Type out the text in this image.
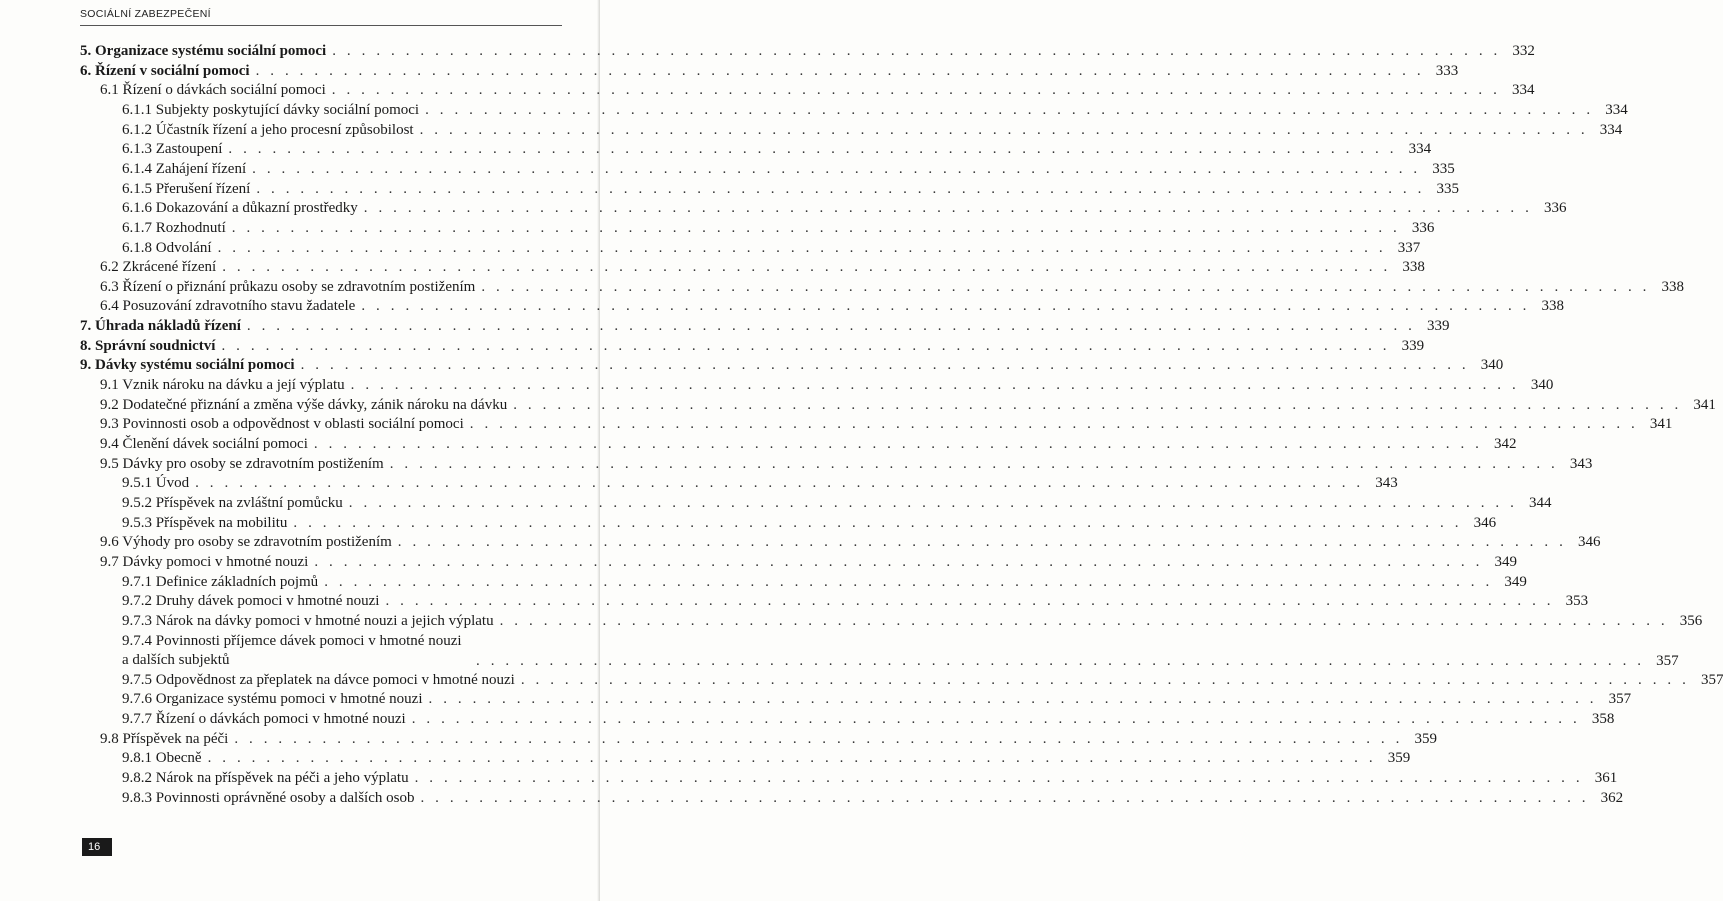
SOCIÁLNÍ ZABEZPEČENÍ
5. Organizace systému sociální pomoci . . . . . . . . . . . . . . . . . . . . . . . . . . . . . . . . . . . . . . . . . . . . . . . . . . . . . . . . . . . . . . . . . . . . . . . . . . . . . . . . 332
6. Řízení v sociální pomoci . . . . . . . . . . . . . . . . . . . . . . . . . . . . . . . . . . . . . . . . . . . . . . . . . . . . . . . . . . . . . . . . . . . . . . . . . . . . . . . . 333
6.1 Řízení o dávkách sociální pomoci . . . . . . . . . . . . . . . . . . . . . . . . . . . . . . . . . . . . . . . . . . . . . . . . . . . . . . . . . . . . . . . . . . . . . . . . . . . . . . . . 334
6.1.1 Subjekty poskytující dávky sociální pomoci . . . . . . . . . . . . . . . . . . . . . . . . . . . . . . . . . . . . . . . . . . . . . . . . . . . . . . . . . . . . . . . . . . . . . . . . . . . . . . . . 334
6.1.2 Účastník řízení a jeho procesní způsobilost . . . . . . . . . . . . . . . . . . . . . . . . . . . . . . . . . . . . . . . . . . . . . . . . . . . . . . . . . . . . . . . . . . . . . . . . . . . . . . . . 334
6.1.3 Zastoupení . . . . . . . . . . . . . . . . . . . . . . . . . . . . . . . . . . . . . . . . . . . . . . . . . . . . . . . . . . . . . . . . . . . . . . . . . . . . . . . . 334
6.1.4 Zahájení řízení . . . . . . . . . . . . . . . . . . . . . . . . . . . . . . . . . . . . . . . . . . . . . . . . . . . . . . . . . . . . . . . . . . . . . . . . . . . . . . . . 335
6.1.5 Přerušení řízení . . . . . . . . . . . . . . . . . . . . . . . . . . . . . . . . . . . . . . . . . . . . . . . . . . . . . . . . . . . . . . . . . . . . . . . . . . . . . . . . 335
6.1.6 Dokazování a důkazní prostředky . . . . . . . . . . . . . . . . . . . . . . . . . . . . . . . . . . . . . . . . . . . . . . . . . . . . . . . . . . . . . . . . . . . . . . . . . . . . . . . . 336
6.1.7 Rozhodnutí . . . . . . . . . . . . . . . . . . . . . . . . . . . . . . . . . . . . . . . . . . . . . . . . . . . . . . . . . . . . . . . . . . . . . . . . . . . . . . . . 336
6.1.8 Odvolání . . . . . . . . . . . . . . . . . . . . . . . . . . . . . . . . . . . . . . . . . . . . . . . . . . . . . . . . . . . . . . . . . . . . . . . . . . . . . . . . 337
6.2 Zkrácené řízení . . . . . . . . . . . . . . . . . . . . . . . . . . . . . . . . . . . . . . . . . . . . . . . . . . . . . . . . . . . . . . . . . . . . . . . . . . . . . . . . 338
6.3 Řízení o přiznání průkazu osoby se zdravotním postižením . . . . . . . . . . . . . . . . . . . . . . . . . . . . . . . . . . . . . . . . . . . . . . . . . . . . . . . . . . . . . . . . . . . . . . . . . . . . . . . . 338
6.4 Posuzování zdravotního stavu žadatele . . . . . . . . . . . . . . . . . . . . . . . . . . . . . . . . . . . . . . . . . . . . . . . . . . . . . . . . . . . . . . . . . . . . . . . . . . . . . . . . 338
7. Úhrada nákladů řízení . . . . . . . . . . . . . . . . . . . . . . . . . . . . . . . . . . . . . . . . . . . . . . . . . . . . . . . . . . . . . . . . . . . . . . . . . . . . . . . . 339
8. Správní soudnictví . . . . . . . . . . . . . . . . . . . . . . . . . . . . . . . . . . . . . . . . . . . . . . . . . . . . . . . . . . . . . . . . . . . . . . . . . . . . . . . . 339
9. Dávky systému sociální pomoci . . . . . . . . . . . . . . . . . . . . . . . . . . . . . . . . . . . . . . . . . . . . . . . . . . . . . . . . . . . . . . . . . . . . . . . . . . . . . . . . 340
9.1 Vznik nároku na dávku a její výplatu . . . . . . . . . . . . . . . . . . . . . . . . . . . . . . . . . . . . . . . . . . . . . . . . . . . . . . . . . . . . . . . . . . . . . . . . . . . . . . . . 340
9.2 Dodatečné přiznání a změna výše dávky, zánik nároku na dávku . . . . . . . . . . . . . . . . . . . . . . . . . . . . . . . . . . . . . . . . . . . . . . . . . . . . . . . . . . . . . . . . . . . . . . . . . . . . . . . . 341
9.3 Povinnosti osob a odpovědnost v oblasti sociální pomoci . . . . . . . . . . . . . . . . . . . . . . . . . . . . . . . . . . . . . . . . . . . . . . . . . . . . . . . . . . . . . . . . . . . . . . . . . . . . . . . . 341
9.4 Členění dávek sociální pomoci . . . . . . . . . . . . . . . . . . . . . . . . . . . . . . . . . . . . . . . . . . . . . . . . . . . . . . . . . . . . . . . . . . . . . . . . . . . . . . . . 342
9.5 Dávky pro osoby se zdravotním postižením . . . . . . . . . . . . . . . . . . . . . . . . . . . . . . . . . . . . . . . . . . . . . . . . . . . . . . . . . . . . . . . . . . . . . . . . . . . . . . . . 343
9.5.1 Úvod . . . . . . . . . . . . . . . . . . . . . . . . . . . . . . . . . . . . . . . . . . . . . . . . . . . . . . . . . . . . . . . . . . . . . . . . . . . . . . . . 343
9.5.2 Příspěvek na zvláštní pomůcku . . . . . . . . . . . . . . . . . . . . . . . . . . . . . . . . . . . . . . . . . . . . . . . . . . . . . . . . . . . . . . . . . . . . . . . . . . . . . . . . 344
9.5.3 Příspěvek na mobilitu . . . . . . . . . . . . . . . . . . . . . . . . . . . . . . . . . . . . . . . . . . . . . . . . . . . . . . . . . . . . . . . . . . . . . . . . . . . . . . . . 346
9.6 Výhody pro osoby se zdravotním postižením . . . . . . . . . . . . . . . . . . . . . . . . . . . . . . . . . . . . . . . . . . . . . . . . . . . . . . . . . . . . . . . . . . . . . . . . . . . . . . . . 346
9.7 Dávky pomoci v hmotné nouzi . . . . . . . . . . . . . . . . . . . . . . . . . . . . . . . . . . . . . . . . . . . . . . . . . . . . . . . . . . . . . . . . . . . . . . . . . . . . . . . . 349
9.7.1 Definice základních pojmů . . . . . . . . . . . . . . . . . . . . . . . . . . . . . . . . . . . . . . . . . . . . . . . . . . . . . . . . . . . . . . . . . . . . . . . . . . . . . . . . 349
9.7.2 Druhy dávek pomoci v hmotné nouzi . . . . . . . . . . . . . . . . . . . . . . . . . . . . . . . . . . . . . . . . . . . . . . . . . . . . . . . . . . . . . . . . . . . . . . . . . . . . . . . . 353
9.7.3 Nárok na dávky pomoci v hmotné nouzi a jejich výplatu . . . . . . . . . . . . . . . . . . . . . . . . . . . . . . . . . . . . . . . . . . . . . . . . . . . . . . . . . . . . . . . . . . . . . . . . . . . . . . . . 356
9.7.4 Povinnosti příjemce dávek pomoci v hmotné nouzi a dalších subjektů	. . . . . . . . . . . . . . . . . . . . . . . . . . . . . . . . . . . . . . . . . . . . . . . . . . . . . . . . . . . . . . . . . . . . . . . . . . . . . . . . 357
9.7.5 Odpovědnost za přeplatek na dávce pomoci v hmotné nouzi . . . . . . . . . . . . . . . . . . . . . . . . . . . . . . . . . . . . . . . . . . . . . . . . . . . . . . . . . . . . . . . . . . . . . . . . . . . . . . . . 357
9.7.6 Organizace systému pomoci v hmotné nouzi . . . . . . . . . . . . . . . . . . . . . . . . . . . . . . . . . . . . . . . . . . . . . . . . . . . . . . . . . . . . . . . . . . . . . . . . . . . . . . . . 357
9.7.7 Řízení o dávkách pomoci v hmotné nouzi . . . . . . . . . . . . . . . . . . . . . . . . . . . . . . . . . . . . . . . . . . . . . . . . . . . . . . . . . . . . . . . . . . . . . . . . . . . . . . . . 358
9.8 Příspěvek na péči . . . . . . . . . . . . . . . . . . . . . . . . . . . . . . . . . . . . . . . . . . . . . . . . . . . . . . . . . . . . . . . . . . . . . . . . . . . . . . . . 359
9.8.1 Obecně . . . . . . . . . . . . . . . . . . . . . . . . . . . . . . . . . . . . . . . . . . . . . . . . . . . . . . . . . . . . . . . . . . . . . . . . . . . . . . . . 359
9.8.2 Nárok na příspěvek na péči a jeho výplatu . . . . . . . . . . . . . . . . . . . . . . . . . . . . . . . . . . . . . . . . . . . . . . . . . . . . . . . . . . . . . . . . . . . . . . . . . . . . . . . . 361
9.8.3 Povinnosti oprávněné osoby a dalších osob . . . . . . . . . . . . . . . . . . . . . . . . . . . . . . . . . . . . . . . . . . . . . . . . . . . . . . . . . . . . . . . . . . . . . . . . . . . . . . . . 362
16
